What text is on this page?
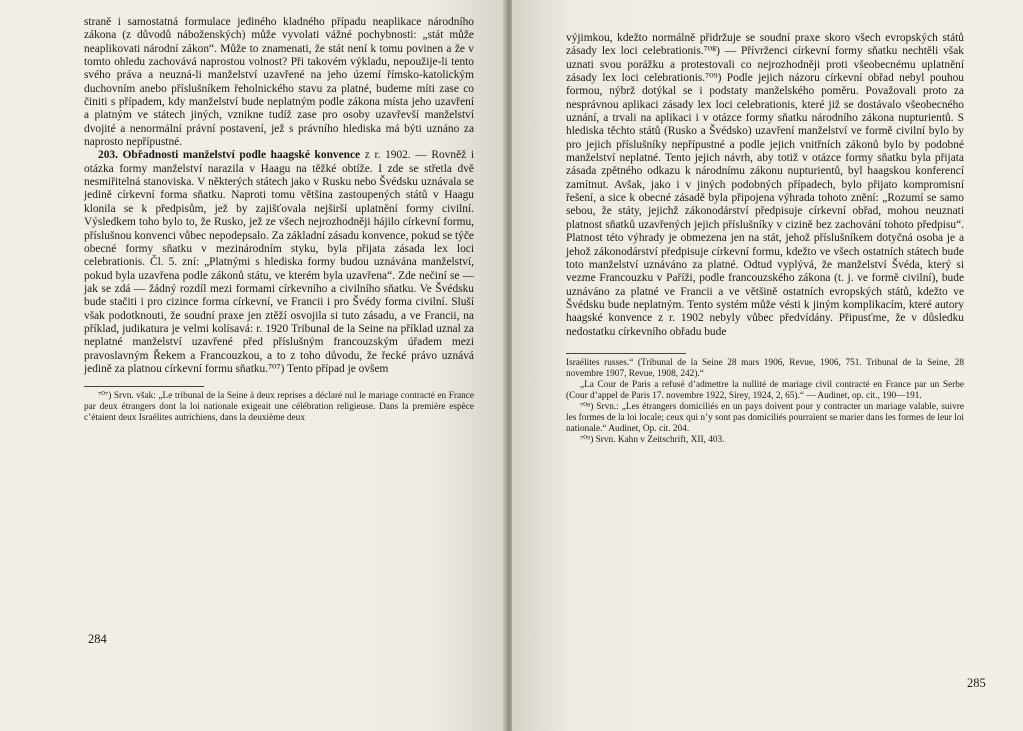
straně i samostatná formulace jediného kladného případu neaplikace národního zákona (z důvodů náboženských) může vyvolati vážné pochybnosti: „stát může neaplikovati národní zákon“. Může to znamenati, že stát není k tomu povinen a že v tomto ohledu zachovává naprostou volnost? Při takovém výkladu, nepoužije-li tento svého práva a neuzná-li manželství uzavřené na jeho území římsko-katolickým duchovním anebo příslušníkem řeholnického stavu za platné, budeme míti zase co činiti s případem, kdy manželství bude neplatným podle zákona místa jeho uzavření a platným ve státech jiných, vznikne tudíž zase pro osoby uzavřevší manželství dvojité a nenormální právní postavení, jež s právního hlediska má býti uznáno za naprosto nepřípustné.

203. Obřadnosti manželství podle haagské konvence z r. 1902. — Rovněž i otázka formy manželství narazila v Haagu na těžké obtíže. I zde se střetla dvě nesmiřitelná stanoviska. V některých státech jako v Rusku nebo Švédsku uznávala se jedině církevní forma sňatku. Naproti tomu většina zastoupených států v Haagu klonila se k předpisům, jež by zajišťovala nejširší uplatnění formy civilní. Výsledkem toho bylo to, že Rusko, jež ze všech nejrozhodněji hájilo církevní formu, příslušnou konvenci vůbec nepodepsalo. Za základní zásadu konvence, pokud se týče obecné formy sňatku v mezinárodním styku, byla přijata zásada lex loci celebrationis. Čl. 5. zní: „Platnými s hlediska formy budou uznávána manželství, pokud byla uzavřena podle zákonů státu, ve kterém byla uzavřena“. Zde nečiní se — jak se zdá — žádný rozdíl mezi formami církevního a civilního sňatku. Ve Švédsku bude stačiti i pro cizince forma církevní, ve Francii i pro Švédy forma civilní. Sluší však podotknouti, že soudní praxe jen ztěží osvojila si tuto zásadu, a ve Francii, na příklad, judikatura je velmi kolísavá: r. 1920 Tribunal de la Seine na příklad uznal za neplatné manželství uzavřené před příslušným francouzským úřadem mezi pravoslavným Řekem a Francouzkou, a to z toho důvodu, že řecké právo uznává jedině za platnou církevní formu sňatku.⁷⁰⁷) Tento případ je ovšem

⁷⁰⁷) Srvn. však: „Le tribunal de la Seine à deux reprises a déclaré nul le mariage contracté en France par deux étrangers dont la loi nationale exigeait une célébration religieuse. Dans la première espèce c’étaient deux Israélites autrichiens, dans la deuxième deux

284

výjimkou, kdežto normálně přidržuje se soudní praxe skoro všech evropských států zásady lex loci celebrationis.⁷⁰⁸) — Přívrženci církevní formy sňatku nechtěli však uznati svou porážku a protestovali co nejrozhodněji proti všeobecnému uplatnění zásady lex loci celebrationis.⁷⁰⁹) Podle jejich názoru církevní obřad nebyl pouhou formou, nýbrž dotýkal se i podstaty manželského poměru. Považovali proto za nesprávnou aplikaci zásady lex loci celebrationis, které již se dostávalo všeobecného uznání, a trvali na aplikaci i v otázce formy sňatku národního zákona nupturientů. S hlediska těchto států (Rusko a Švédsko) uzavření manželství ve formě civilní bylo by pro jejich příslušníky nepřípustné a podle jejich vnitřních zákonů bylo by podobné manželství neplatné. Tento jejich návrh, aby totiž v otázce formy sňatku byla přijata zásada zpětného odkazu k národnímu zákonu nupturientů, byl haagskou konferencí zamítnut. Avšak, jako i v jiných podobných případech, bylo přijato kompromisní řešení, a sice k obecné zásadě byla připojena výhrada tohoto znění: „Rozumí se samo sebou, že státy, jejichž zákonodárství předpisuje církevní obřad, mohou neuznati platnost sňatků uzavřených jejich příslušníky v cizině bez zachování tohoto předpisu“. Platnost této výhrady je obmezena jen na stát, jehož příslušníkem dotyčná osoba je a jehož zákonodárství předpisuje církevní formu, kdežto ve všech ostatních státech bude toto manželství uznáváno za platné. Odtud vyplývá, že manželství Švéda, který si vezme Francouzku v Paříži, podle francouzského zákona (t. j. ve formě civilní), bude uznáváno za platné ve Francii a ve většině ostatních evropských států, kdežto ve Švédsku bude neplatným. Tento systém může vésti k jiným komplikacím, které autory haagské konvence z r. 1902 nebyly vůbec předvídány. Připusťme, že v důsledku nedostatku církevního obřadu bude

Israélites russes.“ (Tribunal de la Seine 28 mars 1906, Revue, 1906, 751. Tribunal de la Seine, 28 novembre 1907, Revue, 1908, 242).“

„La Cour de Paris a refusé d’admettre la nullité de mariage civil contracté en France par un Serbe (Cour d’appel de Paris 17. novembre 1922, Sirey, 1924, 2, 65).“ — Audinet, op. cit., 190—191.

⁷⁰⁸) Srvn.: „Les étrangers domiciliés en un pays doivent pour y contracter un mariage valable, suivre les formes de la loi locale; ceux qui n’y sont pas domiciliés pourraient se marier dans les formes de leur loi nationale.“ Audinet, Op. cit. 204.

⁷⁰⁹) Srvn. Kahn v Zeitschrift, XII, 403.

285
